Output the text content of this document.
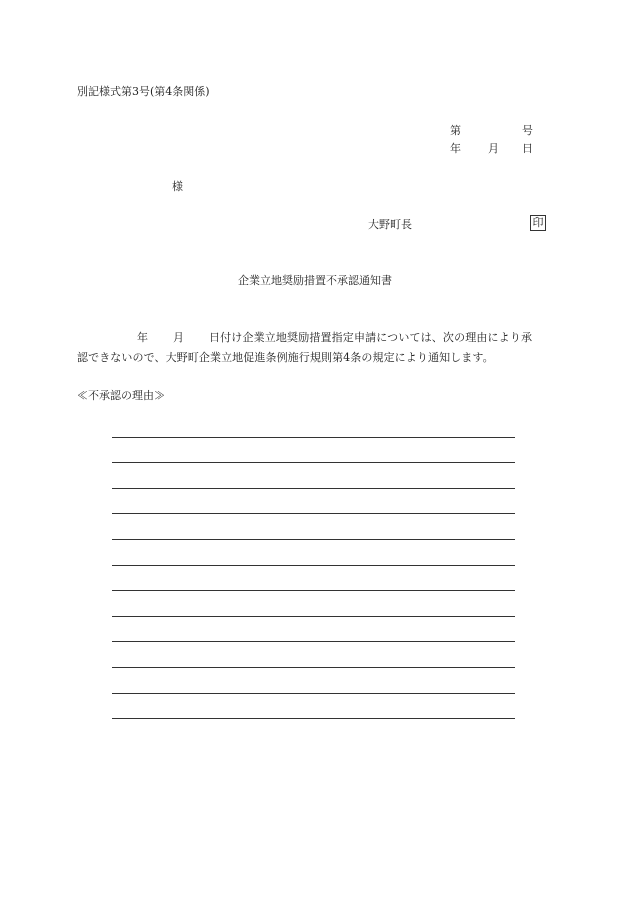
別記様式第3号(第4条関係)
第	号
年 月 日
様
大野町長	印
企業立地奨励措置不承認通知書
年 月 日付け企業立地奨励措置指定申請については、次の理由により承
認できないので、大野町企業立地促進条例施行規則第4条の規定により通知します。
≪不承認の理由≫
